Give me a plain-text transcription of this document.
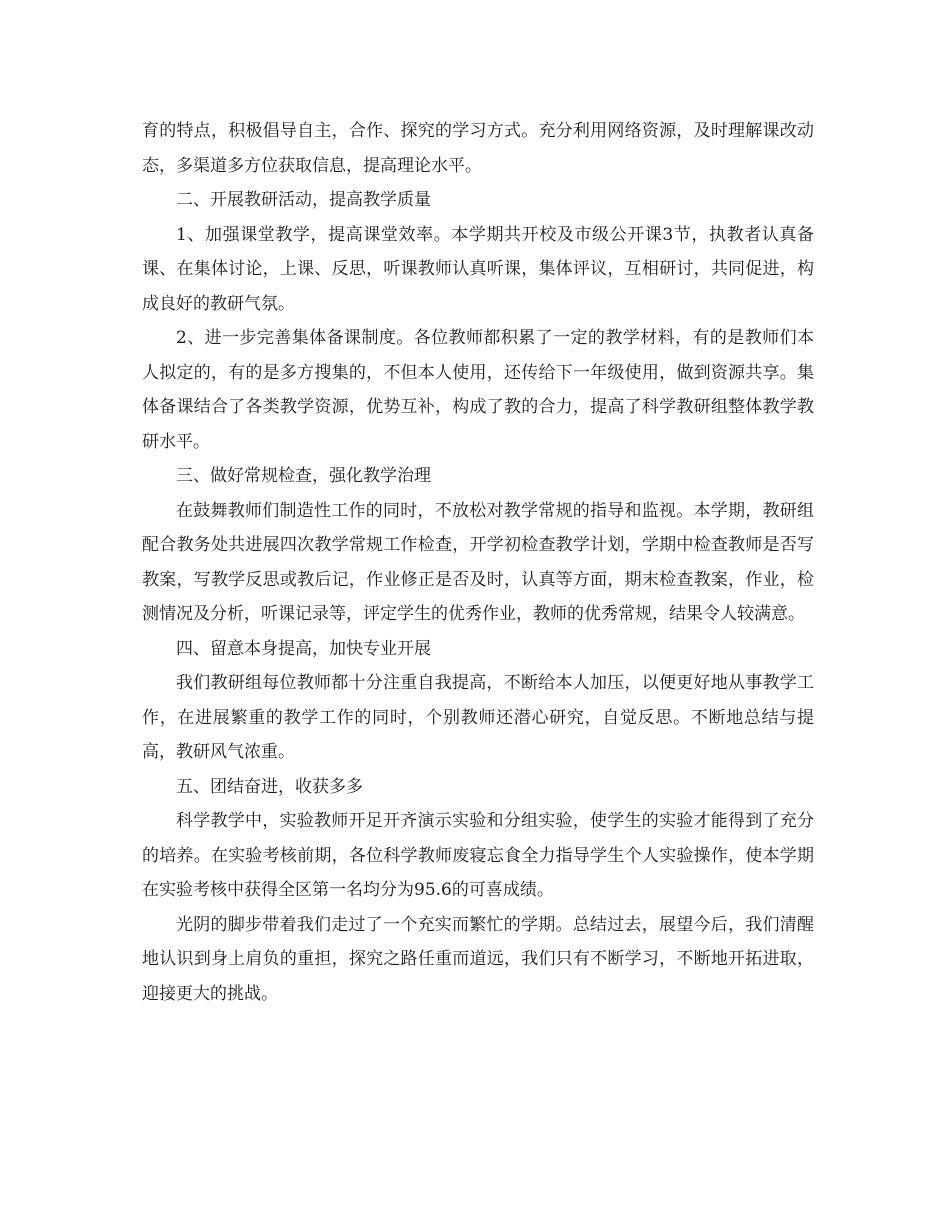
育的特点，积极倡导自主，合作、探究的学习方式。充分利用网络资源，及时理解课改动态，多渠道多方位获取信息，提高理论水平。

二、开展教研活动，提高教学质量

1、加强课堂教学，提高课堂效率。本学期共开校及市级公开课3节，执教者认真备课、在集体讨论，上课、反思，听课教师认真听课，集体评议，互相研讨，共同促进，构成良好的教研气氛。

2、进一步完善集体备课制度。各位教师都积累了一定的教学材料，有的是教师们本人拟定的，有的是多方搜集的，不但本人使用，还传给下一年级使用，做到资源共享。集体备课结合了各类教学资源，优势互补，构成了教的合力，提高了科学教研组整体教学教研水平。

三、做好常规检查，强化教学治理

在鼓舞教师们制造性工作的同时，不放松对教学常规的指导和监视。本学期，教研组配合教务处共进展四次教学常规工作检查，开学初检查教学计划，学期中检查教师是否写教案，写教学反思或教后记，作业修正是否及时，认真等方面，期末检查教案，作业，检测情况及分析，听课记录等，评定学生的优秀作业，教师的优秀常规，结果令人较满意。

四、留意本身提高，加快专业开展

我们教研组每位教师都十分注重自我提高，不断给本人加压，以便更好地从事教学工作，在进展繁重的教学工作的同时，个别教师还潜心研究，自觉反思。不断地总结与提高，教研风气浓重。

五、团结奋进，收获多多

科学教学中，实验教师开足开齐演示实验和分组实验，使学生的实验才能得到了充分的培养。在实验考核前期，各位科学教师废寝忘食全力指导学生个人实验操作，使本学期在实验考核中获得全区第一名均分为95.6的可喜成绩。

光阴的脚步带着我们走过了一个充实而繁忙的学期。总结过去，展望今后，我们清醒地认识到身上肩负的重担，探究之路任重而道远，我们只有不断学习，不断地开拓进取，迎接更大的挑战。
